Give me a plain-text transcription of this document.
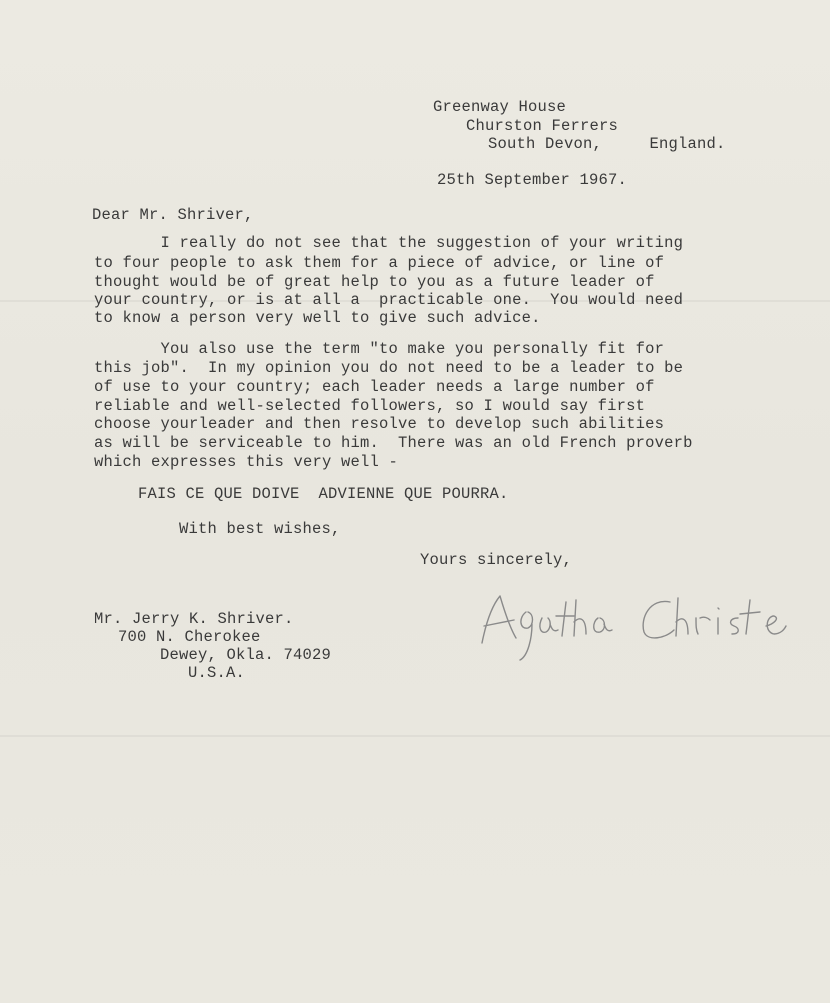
Greenway House
Churston Ferrers
South Devon,     England.
25th September 1967.
Dear Mr. Shriver,
I really do not see that the suggestion of your writing
to four people to ask them for a piece of advice, or line of
thought would be of great help to you as a future leader of
your country, or is at all a  practicable one.  You would need
to know a person very well to give such advice.
You also use the term "to make you personally fit for
this job".  In my opinion you do not need to be a leader to be
of use to your country; each leader needs a large number of
reliable and well-selected followers, so I would say first
choose yourleader and then resolve to develop such abilities
as will be serviceable to him.  There was an old French proverb
which expresses this very well -
FAIS CE QUE DOIVE  ADVIENNE QUE POURRA.
With best wishes,
Yours sincerely,
Mr. Jerry K. Shriver.
700 N. Cherokee
Dewey, Okla. 74029
U.S.A.
